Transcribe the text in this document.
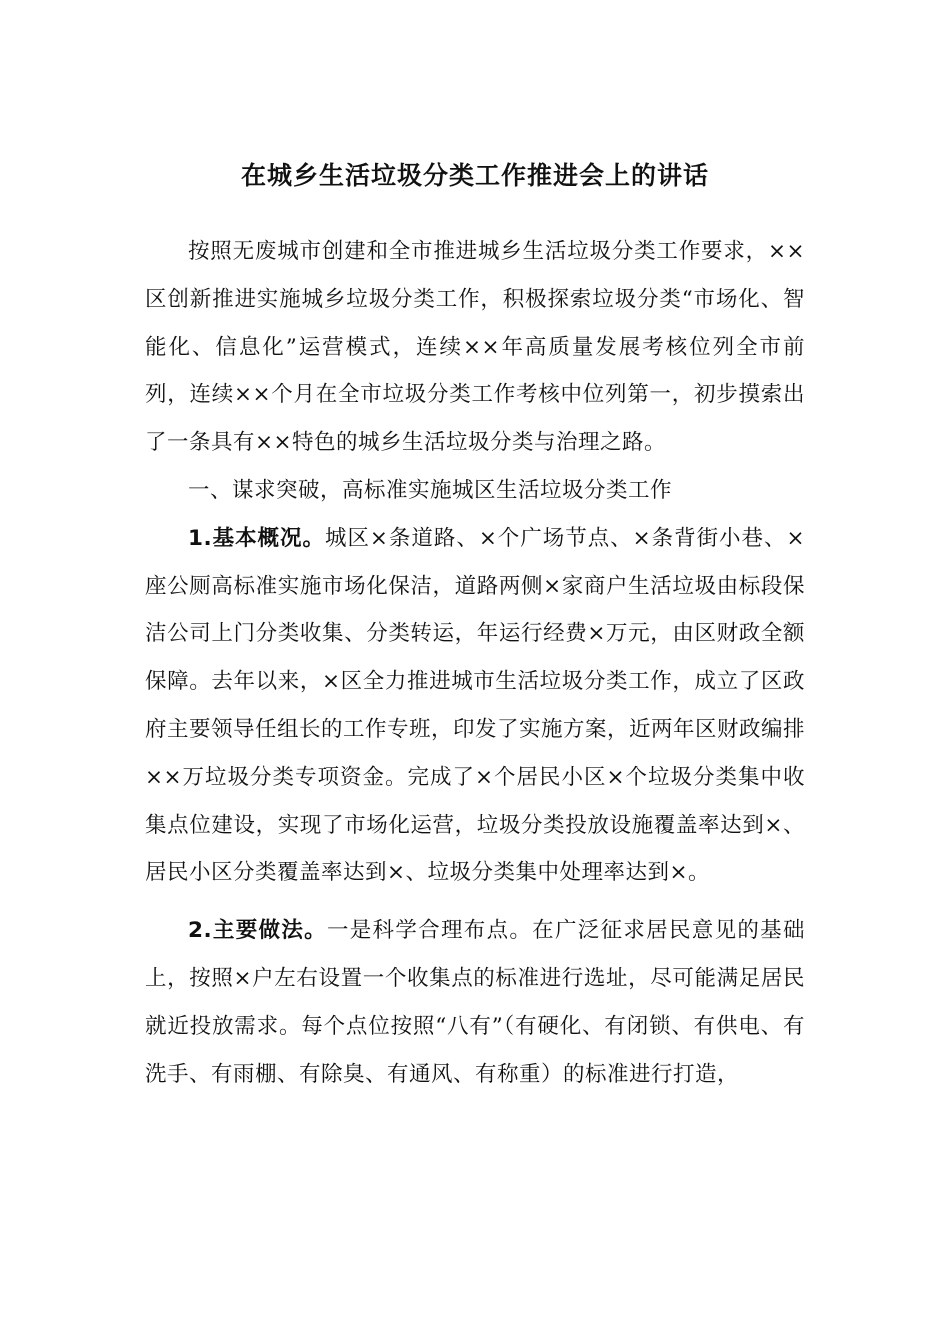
在城乡生活垃圾分类工作推进会上的讲话

按照无废城市创建和全市推进城乡生活垃圾分类工作要求，××区创新推进实施城乡垃圾分类工作，积极探索垃圾分类“市场化、智能化、信息化”运营模式，连续××年高质量发展考核位列全市前列，连续××个月在全市垃圾分类工作考核中位列第一，初步摸索出了一条具有××特色的城乡生活垃圾分类与治理之路。

一、谋求突破，高标准实施城区生活垃圾分类工作

1.基本概况。城区×条道路、×个广场节点、×条背街小巷、×座公厕高标准实施市场化保洁，道路两侧×家商户生活垃圾由标段保洁公司上门分类收集、分类转运，年运行经费×万元，由区财政全额保障。去年以来，×区全力推进城市生活垃圾分类工作，成立了区政府主要领导任组长的工作专班，印发了实施方案，近两年区财政编排××万垃圾分类专项资金。完成了×个居民小区×个垃圾分类集中收集点位建设，实现了市场化运营，垃圾分类投放设施覆盖率达到×、居民小区分类覆盖率达到×、垃圾分类集中处理率达到×。

2.主要做法。一是科学合理布点。在广泛征求居民意见的基础上，按照×户左右设置一个收集点的标准进行选址，尽可能满足居民就近投放需求。每个点位按照“八有”（有硬化、有闭锁、有供电、有洗手、有雨棚、有除臭、有通风、有称重）的标准进行打造，
